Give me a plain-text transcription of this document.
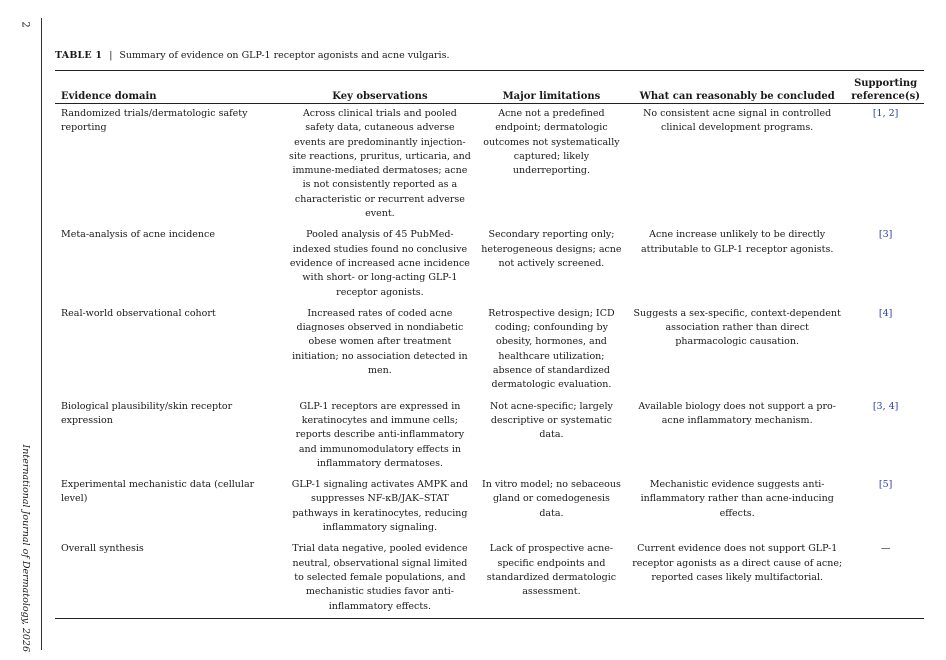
2
International Journal of Dermatology, 2026
TABLE 1 | Summary of evidence on GLP-1 receptor agonists and acne vulgaris.
Evidence domain	Key observations	Major limitations	What can reasonably be concluded	Supporting reference(s)
Randomized trials/dermatologic safety reporting	Across clinical trials and pooled safety data, cutaneous adverse events are predominantly injection-site reactions, pruritus, urticaria, and immune-mediated dermatoses; acne is not consistently reported as a characteristic or recurrent adverse event.	Acne not a predefined endpoint; dermatologic outcomes not systematically captured; likely underreporting.	No consistent acne signal in controlled clinical development programs.	[1, 2]
Meta-analysis of acne incidence	Pooled analysis of 45 PubMed-indexed studies found no conclusive evidence of increased acne incidence with short- or long-acting GLP-1 receptor agonists.	Secondary reporting only; heterogeneous designs; acne not actively screened.	Acne increase unlikely to be directly attributable to GLP-1 receptor agonists.	[3]
Real-world observational cohort	Increased rates of coded acne diagnoses observed in nondiabetic obese women after treatment initiation; no association detected in men.	Retrospective design; ICD coding; confounding by obesity, hormones, and healthcare utilization; absence of standardized dermatologic evaluation.	Suggests a sex-specific, context-dependent association rather than direct pharmacologic causation.	[4]
Biological plausibility/skin receptor expression	GLP-1 receptors are expressed in keratinocytes and immune cells; reports describe anti-inflammatory and immunomodulatory effects in inflammatory dermatoses.	Not acne-specific; largely descriptive or systematic data.	Available biology does not support a pro-acne inflammatory mechanism.	[3, 4]
Experimental mechanistic data (cellular level)	GLP-1 signaling activates AMPK and suppresses NF-κB/JAK–STAT pathways in keratinocytes, reducing inflammatory signaling.	In vitro model; no sebaceous gland or comedogenesis data.	Mechanistic evidence suggests anti-inflammatory rather than acne-inducing effects.	[5]
Overall synthesis	Trial data negative, pooled evidence neutral, observational signal limited to selected female populations, and mechanistic studies favor anti-inflammatory effects.	Lack of prospective acne-specific endpoints and standardized dermatologic assessment.	Current evidence does not support GLP-1 receptor agonists as a direct cause of acne; reported cases likely multifactorial.	—
